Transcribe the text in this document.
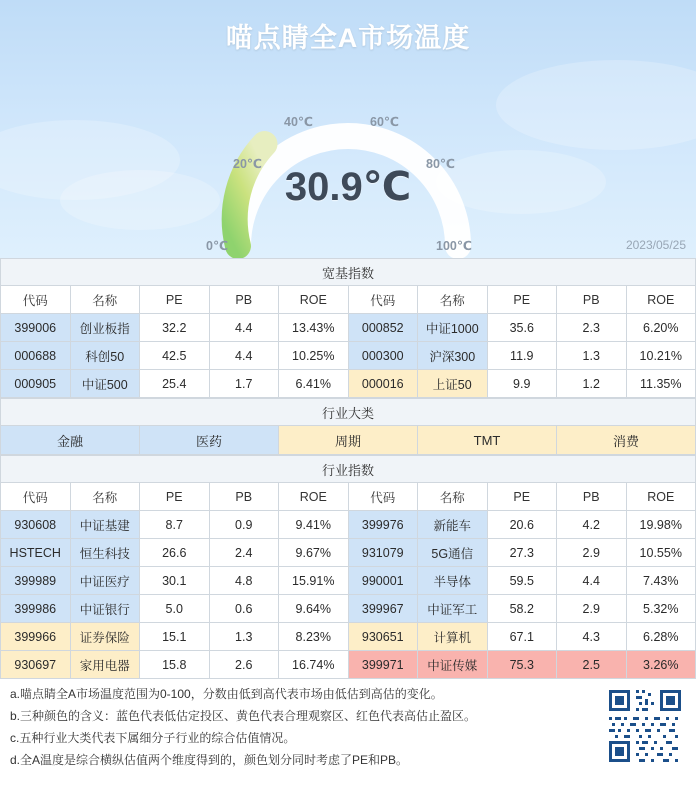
喵点睛全A市场温度
30.9℃
0℃
20℃
40℃	60℃
80℃
100℃	2023/05/25
宽基指数									
代码	名称	PE	PB	ROE	代码	名称	PE	PB	ROE
399006	创业板指	32.2	4.4	13.43%	000852	中证1000	35.6	2.3	6.20%
000688	科创50	42.5	4.4	10.25%	000300	沪深300	11.9	1.3	10.21%
000905	中证500	25.4	1.7	6.41%	000016	上证50	9.9	1.2	11.35%
行业大类
金融	医药	周期	TMT	消费
行业指数									
代码	名称	PE	PB	ROE	代码	名称	PE	PB	ROE
930608	中证基建	8.7	0.9	9.41%	399976	新能车	20.6	4.2	19.98%
HSTECH	恒生科技	26.6	2.4	9.67%	931079	5G通信	27.3	2.9	10.55%
399989	中证医疗	30.1	4.8	15.91%	990001	半导体	59.5	4.4	7.43%
399986	中证银行	5.0	0.6	9.64%	399967	中证军工	58.2	2.9	5.32%
399966	证券保险	15.1	1.3	8.23%	930651	计算机	67.1	4.3	6.28%
930697	家用电器	15.8	2.6	16.74%	399971	中证传媒	75.3	2.5	3.26%

a.喵点睛全A市场温度范围为0-100，分数由低到高代表市场由低估到高估的变化。

b.三种颜色的含义：蓝色代表低估定投区、黄色代表合理观察区、红色代表高估止盈区。

c.五种行业大类代表下属细分子行业的综合估值情况。

d.全A温度是综合横纵估值两个维度得到的，颜色划分同时考虑了PE和PB。
